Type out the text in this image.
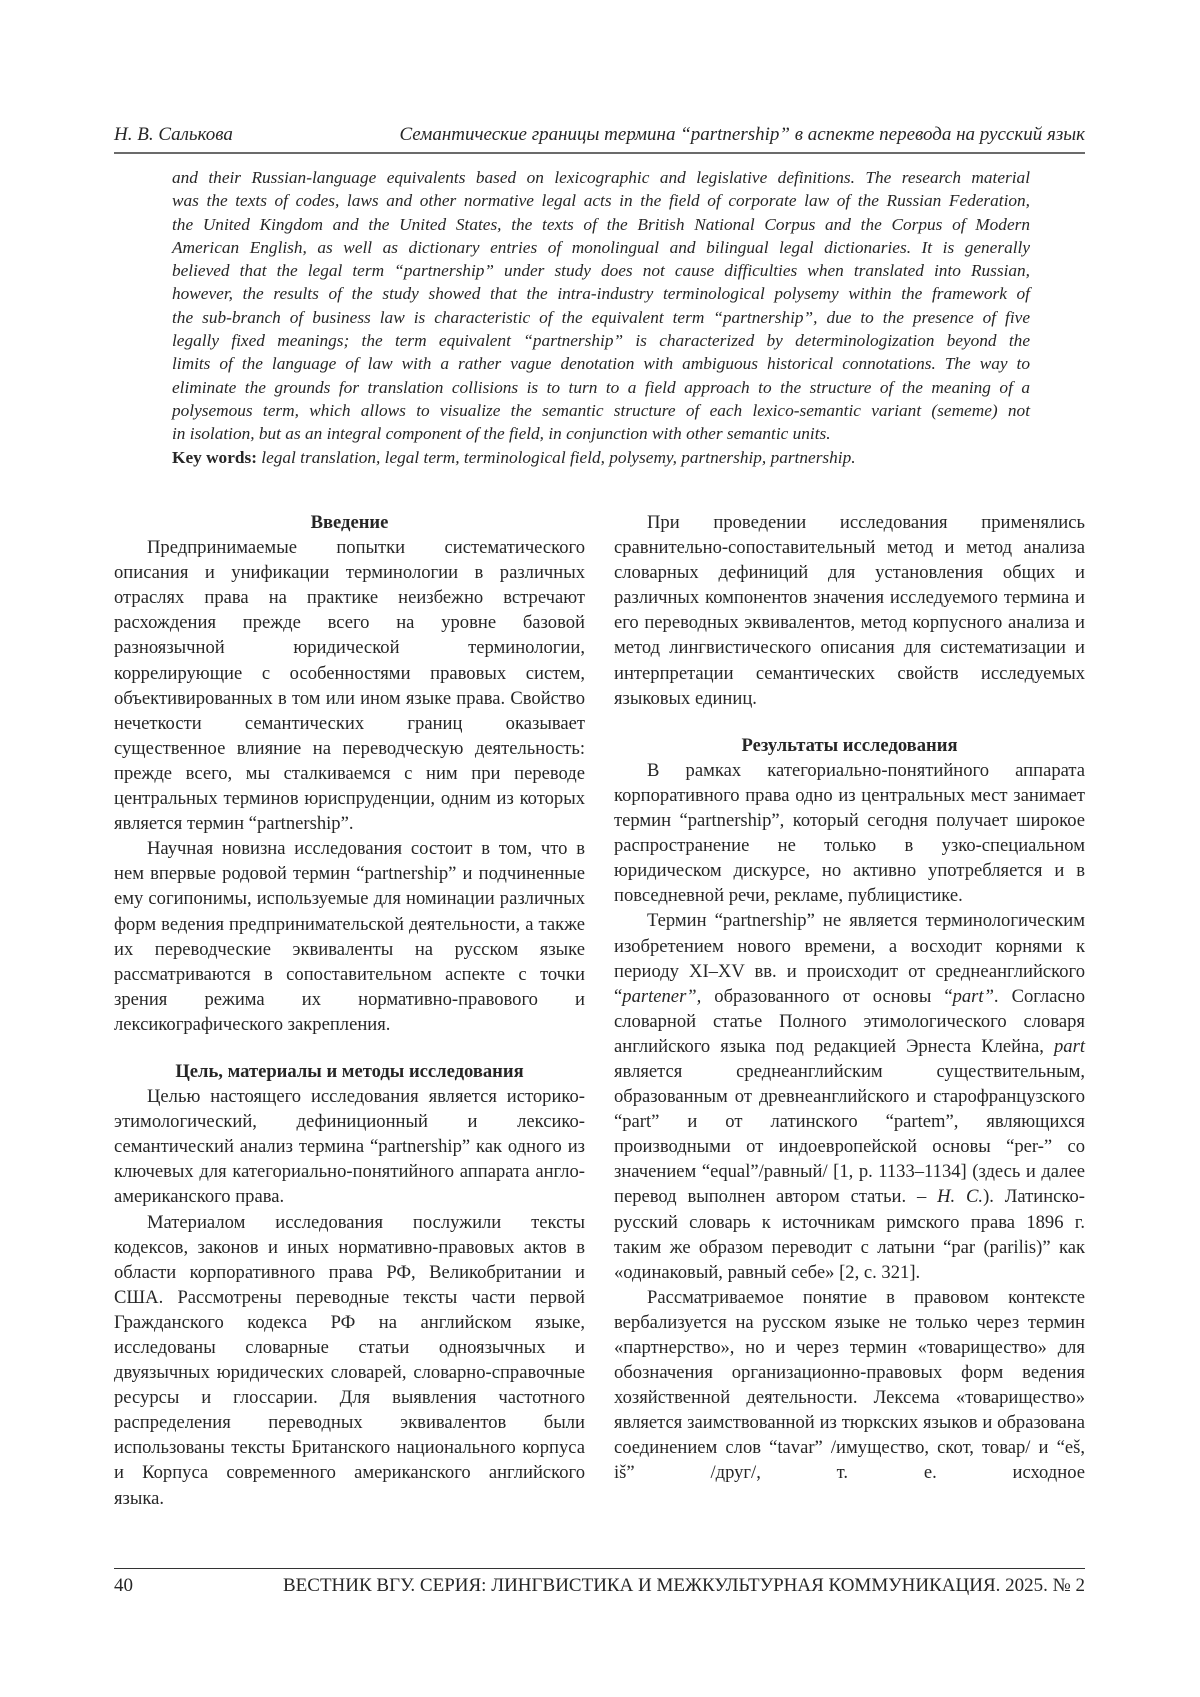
Н. В. Салькова	Семантические границы термина “partnership” в аспекте перевода на русский язык
and their Russian-language equivalents based on lexicographic and legislative definitions. The research material
was the texts of codes, laws and other normative legal acts in the field of corporate law of the Russian Federation,
the United Kingdom and the United States, the texts of the British National Corpus and the Corpus of Modern
American English, as well as dictionary entries of monolingual and bilingual legal dictionaries. It is generally
believed that the legal term “partnership” under study does not cause difficulties when translated into Russian,
however, the results of the study showed that the intra-industry terminological polysemy within the framework of
the sub-branch of business law is characteristic of the equivalent term “partnership”, due to the presence of five
legally fixed meanings; the term equivalent “partnership” is characterized by determinologization beyond the
limits of the language of law with a rather vague denotation with ambiguous historical connotations. The way to
eliminate the grounds for translation collisions is to turn to a field approach to the structure of the meaning of a
polysemous term, which allows to visualize the semantic structure of each lexico-semantic variant (sememe) not
in isolation, but as an integral component of the field, in conjunction with other semantic units.
Key words: legal translation, legal term, terminological field, polysemy, partnership, partnership.
Введение

Предпринимаемые попытки систематического описания и унификации терминологии в различных отраслях права на практике неизбежно встречают расхождения прежде всего на уровне базовой разноязычной юридической терминологии, коррелирующие с особенностями правовых систем, объективированных в том или ином языке права. Свойство нечеткости семантических границ оказывает существенное влияние на переводческую деятельность: прежде всего, мы сталкиваемся с ним при переводе центральных терминов юриспруденции, одним из которых является термин “partnership”.

Научная новизна исследования состоит в том, что в нем впервые родовой термин “partnership” и подчиненные ему согипонимы, используемые для номинации различных форм ведения предпринимательской деятельности, а также их переводческие эквиваленты на русском языке рассматриваются в сопоставительном аспекте с точки зрения режима их нормативно-правового и лексикографического закрепления.

Цель, материалы и методы исследования

Целью настоящего исследования является историко-этимологический, дефиниционный и лексико-семантический анализ термина “partnership” как одного из ключевых для категориально-понятийного аппарата англо-американского права.

Материалом исследования послужили тексты кодексов, законов и иных нормативно-правовых актов в области корпоративного права РФ, Великобритании и США. Рассмотрены переводные тексты части первой Гражданского кодекса РФ на английском языке, исследованы словарные статьи одноязычных и двуязычных юридических словарей, словарно-справочные ресурсы и глоссарии. Для выявления частотного распределения переводных эквивалентов были использованы тексты Британского национального корпуса и Корпуса современного американского английского языка.

При проведении исследования применялись сравнительно-сопоставительный метод и метод анализа словарных дефиниций для установления общих и различных компонентов значения исследуемого термина и его переводных эквивалентов, метод корпусного анализа и метод лингвистического описания для систематизации и интерпретации семантических свойств исследуемых языковых единиц.

Результаты исследования

В рамках категориально-понятийного аппарата корпоративного права одно из центральных мест занимает термин “partnership”, который сегодня получает широкое распространение не только в узко-специальном юридическом дискурсе, но активно употребляется и в повседневной речи, рекламе, публицистике.

Термин “partnership” не является терминологическим изобретением нового времени, а восходит корнями к периоду XI–XV вв. и происходит от среднеанглийского “partener”, образованного от основы “part”. Согласно словарной статье Полного этимологического словаря английского языка под редакцией Эрнеста Клейна, part является среднеанглийским существительным, образованным от древнеанглийского и старофранцузского “part” и от латинского “partem”, являющихся производными от индоевропейской основы “per-” со значением “equal”/равный/ [1, p. 1133–1134] (здесь и далее перевод выполнен автором статьи. – Н. С.). Латинско-русский словарь к источникам римского права 1896 г. таким же образом переводит с латыни “par (parilis)” как «одинаковый, равный себе» [2, с. 321].

Рассматриваемое понятие в правовом контексте вербализуется на русском языке не только через термин «партнерство», но и через термин «товарищество» для обозначения организационно-правовых форм ведения хозяйственной деятельности. Лексема «товарищество» является заимствованной из тюркских языков и образована соединением слов “tavar” /имущество, скот, товар/ и “eš, iš” /друг/, т. е. исходное

40	ВЕСТНИК ВГУ. СЕРИЯ: ЛИНГВИСТИКА И МЕЖКУЛЬТУРНАЯ КОММУНИКАЦИЯ. 2025. № 2
